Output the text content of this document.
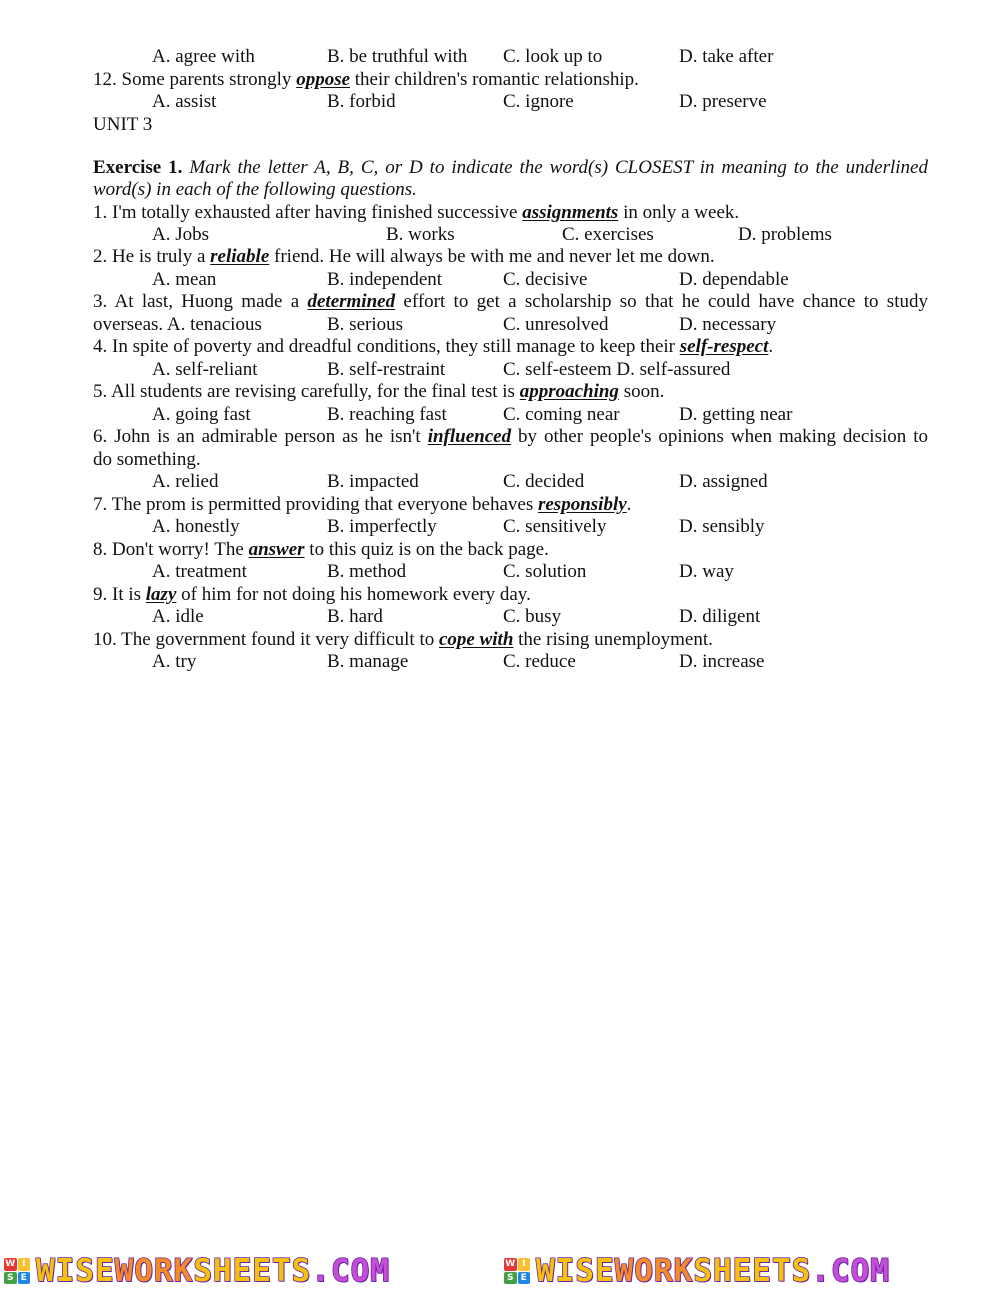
A. agree with	B. be truthful with C. look up to	D. take after
12. Some parents strongly oppose their children's romantic relationship.
A. assist	B. forbid	C. ignore	D. preserve
UNIT 3
Exercise 1. Mark the letter A, B, C, or D to indicate the word(s) CLOSEST in meaning to the underlined
word(s) in each of the following questions.
1. I'm totally exhausted after having finished successive assignments in only a week.
A. Jobs	B. works	C. exercises	D. problems
2. He is truly a reliable friend. He will always be with me and never let me down.
A. mean	B. independent	C. decisive	D. dependable
3. At last, Huong made a determined effort to get a scholarship so that he could have chance to study
overseas. A. tenacious	B. serious	C. unresolved	D. necessary
4. In spite of poverty and dreadful conditions, they still manage to keep their self-respect.
A. self-reliant	B. self-restraint	C. self-esteem D. self-assured
5. All students are revising carefully, for the final test is approaching soon.
A. going fast	B. reaching fast	C. coming near	D. getting near
6. John is an admirable person as he isn't influenced by other people's opinions when making decision to
do something.
A. relied	B. impacted	C. decided	D. assigned
7. The prom is permitted providing that everyone behaves responsibly.
A. honestly	B. imperfectly	C. sensitively	D. sensibly
8. Don't worry! The answer to this quiz is on the back page.
A. treatment	B. method	C. solution	D. way
9. It is lazy of him for not doing his homework every day.
A. idle	B. hard	C. busy	D. diligent
10. The government found it very difficult to cope with the rising unemployment.
A. try	B. manage	C. reduce	D. increase
W I
S E WISEWORKSHEETS.COM	W I
S E WISEWORKSHEETS.COM
